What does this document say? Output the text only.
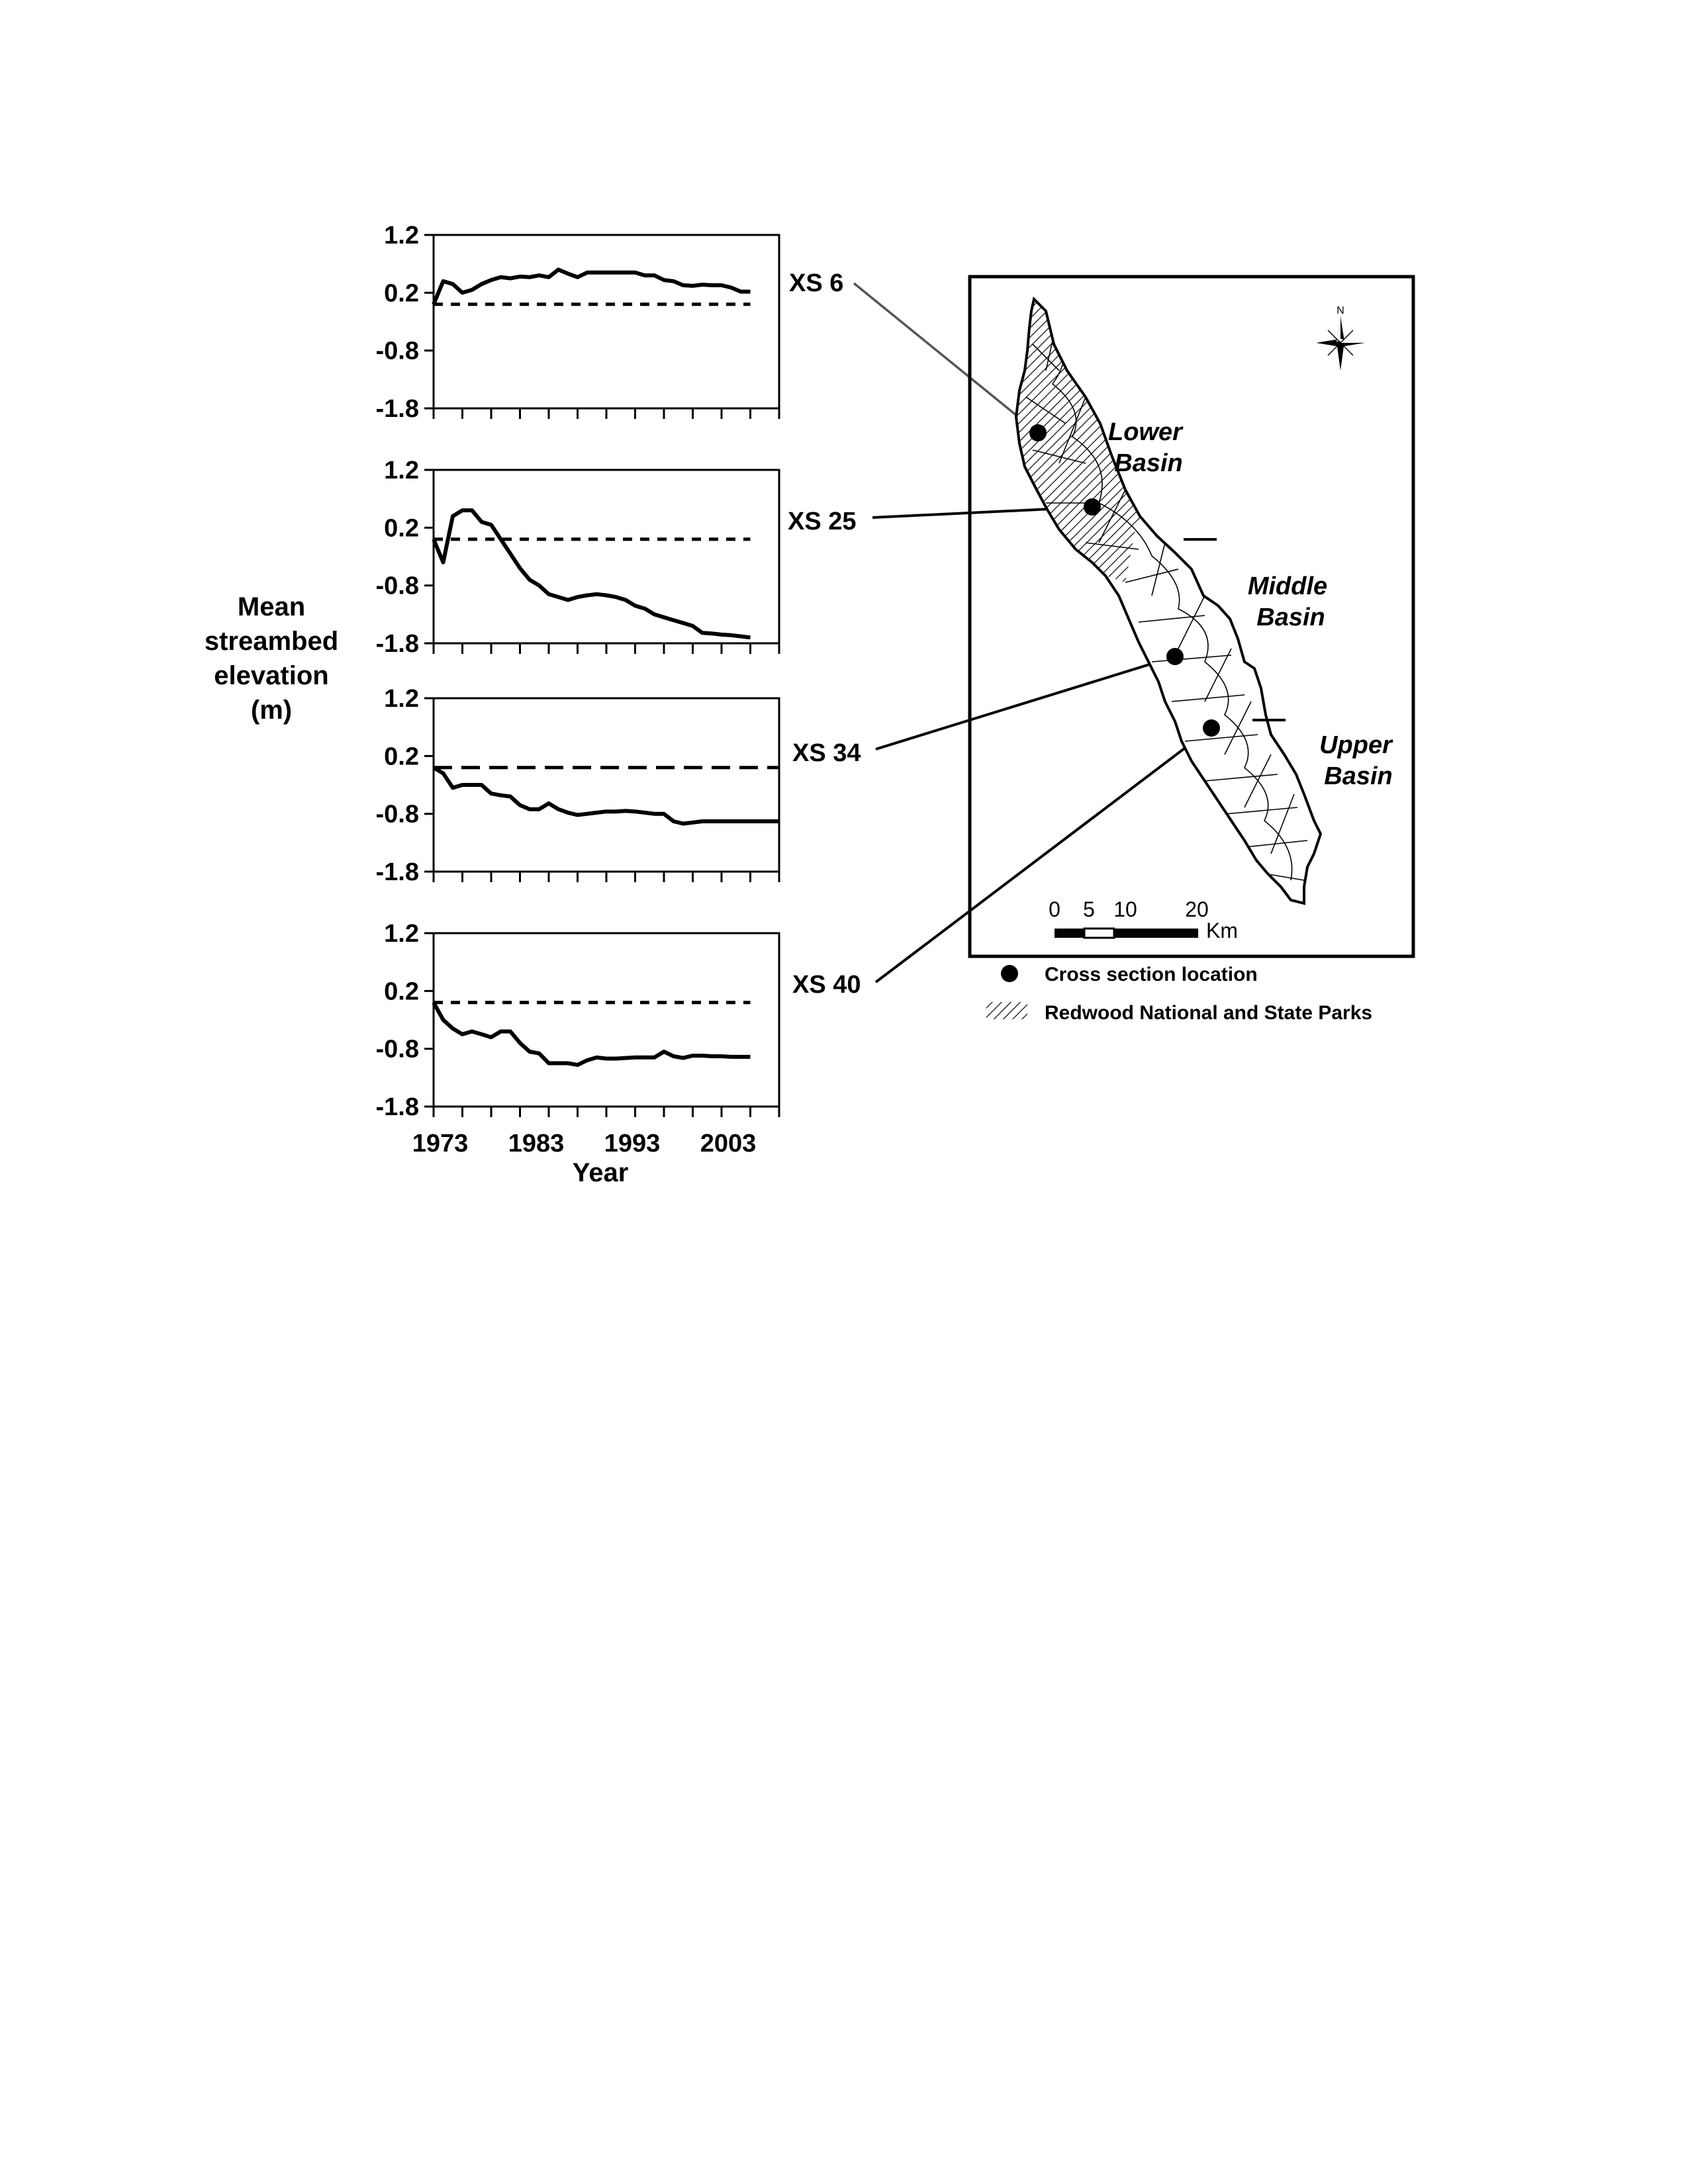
1.2
0.2
-0.8
-1.8
1.2
0.2
-0.8
-1.8
1.2
0.2
-0.8
-1.8
1.2
0.2
-0.8
-1.8
1973 1983 1993 2003
Mean
streambed
elevation
(m)
Year
XS 6
XS 25
XS 34
XS 40
Lower
Basin
Middle
Basin
Upper
Basin
N
0 5 10 20
Km
Cross section location
Redwood National and State Parks
